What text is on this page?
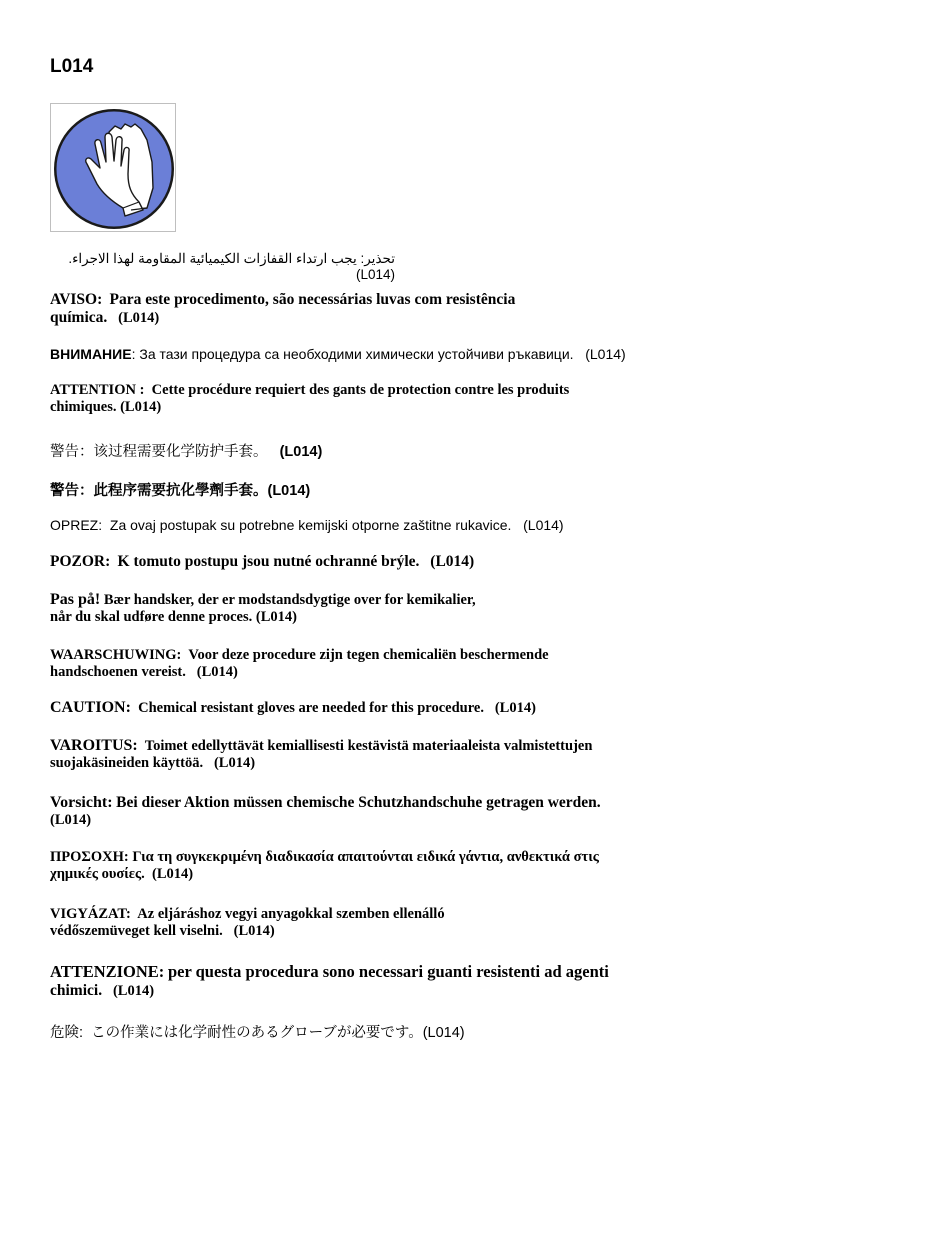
L014

تحذير: يجب ارتداء القفازات الكيميائية المقاومة لهذا الاجراء. (L014)

AVISO: Para este procedimento, são necessárias luvas com resistência
química. (L014)

ВНИМАНИЕ: За тази процедура са необходими химически устойчиви ръкавици. (L014)

ATTENTION : Cette procédure requiert des gants de protection contre les produits
chimiques. (L014)

警告：该过程需要化学防护手套。 (L014)

警告：此程序需要抗化學劑手套。(L014)

OPREZ: Za ovaj postupak su potrebne kemijski otporne zaštitne rukavice. (L014)

POZOR: K tomuto postupu jsou nutné ochranné brýle. (L014)

Pas på! Bær handsker, der er modstandsdygtige over for kemikalier,
når du skal udføre denne proces. (L014)

WAARSCHUWING: Voor deze procedure zijn tegen chemicaliën beschermende
handschoenen vereist. (L014)

CAUTION: Chemical resistant gloves are needed for this procedure. (L014)

VAROITUS: Toimet edellyttävät kemiallisesti kestävistä materiaaleista valmistettujen
suojakäsineiden käyttöä. (L014)

Vorsicht: Bei dieser Aktion müssen chemische Schutzhandschuhe getragen werden.
(L014)

ΠΡΟΣΟΧΗ: Για τη συγκεκριμένη διαδικασία απαιτούνται ειδικά γάντια, ανθεκτικά στις
χημικές ουσίες. (L014)

VIGYÁZAT: Az eljáráshoz vegyi anyagokkal szemben ellenálló
védőszemüveget kell viselni. (L014)

ATTENZIONE: per questa procedura sono necessari guanti resistenti ad agenti
chimici. (L014)

危険: この作業には化学耐性のあるグローブが必要です。(L014)
